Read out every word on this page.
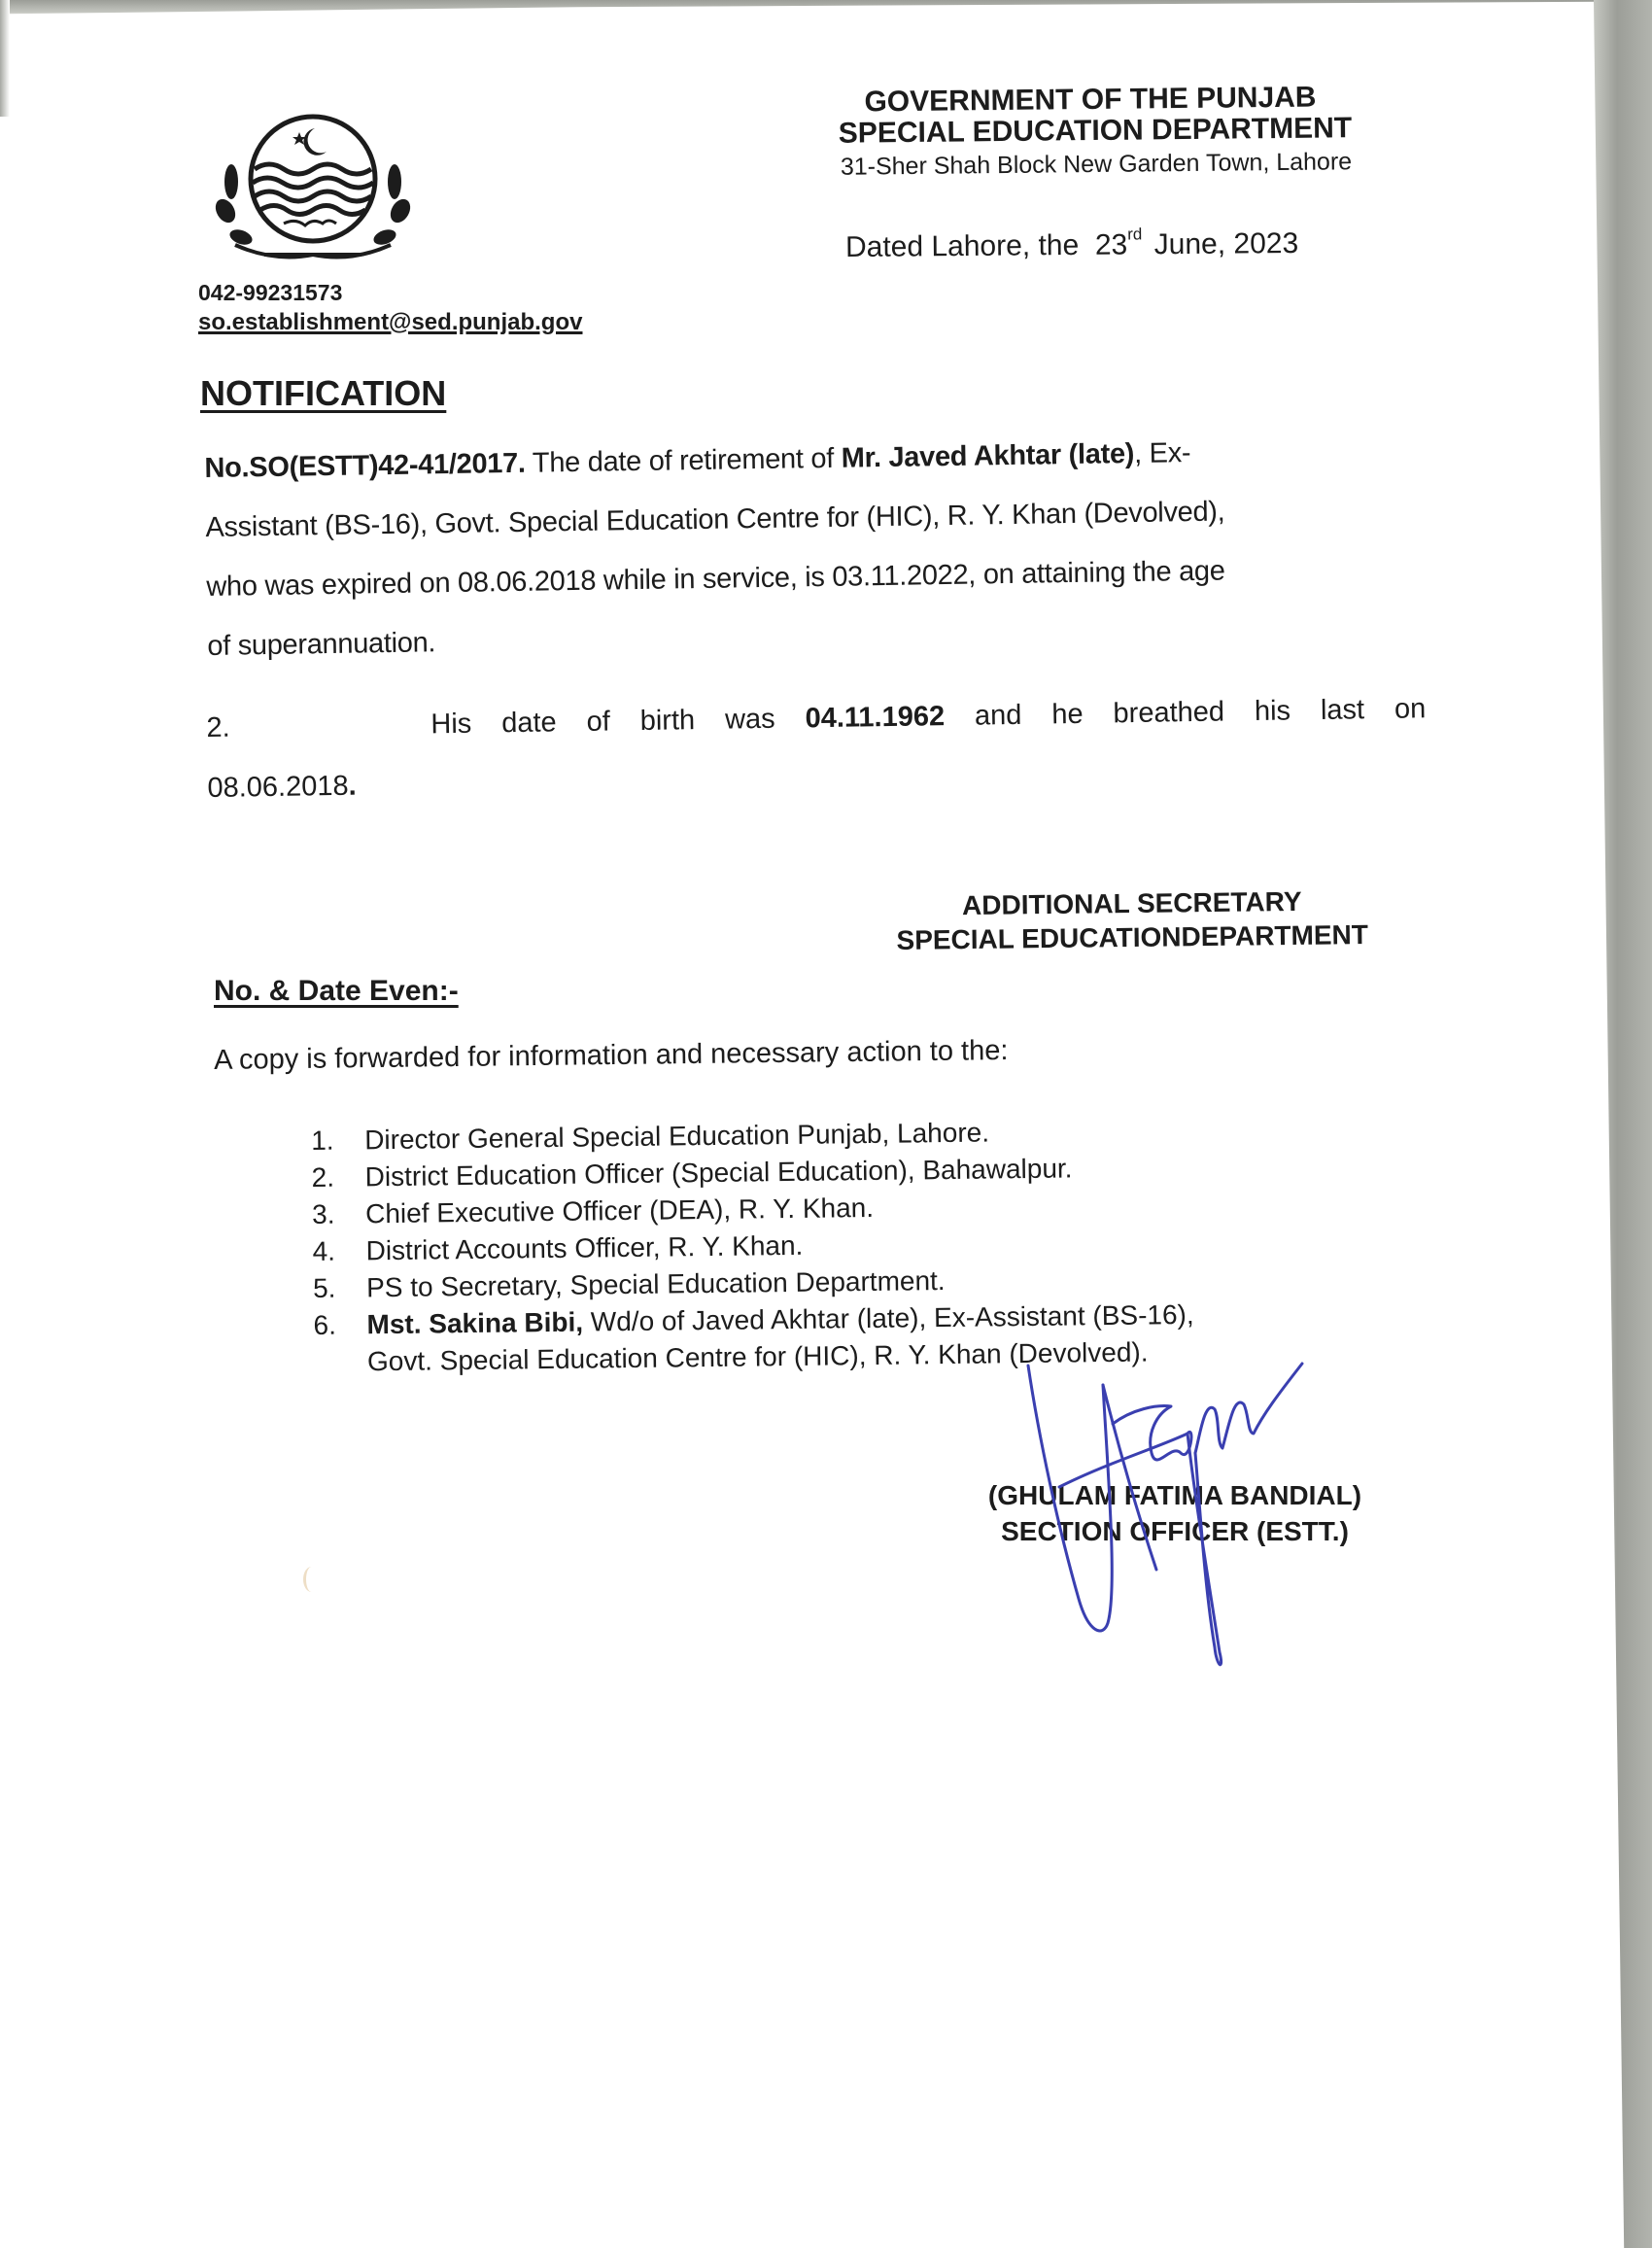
GOVERNMENT OF THE PUNJAB
SPECIAL EDUCATION DEPARTMENT
31-Sher Shah Block New Garden Town, Lahore
Dated Lahore, the 23rd June, 2023
042-99231573
so.establishment@sed.punjab.gov
NOTIFICATION
No.SO(ESTT)42-41/2017. The date of retirement of Mr. Javed Akhtar (late), Ex-
Assistant (BS-16), Govt. Special Education Centre for (HIC), R. Y. Khan (Devolved),
who was expired on 08.06.2018 while in service, is 03.11.2022, on attaining the age
of superannuation.
2.	His date of birth was 04.11.1962 and he breathed his last on
08.06.2018.
ADDITIONAL SECRETARY
SPECIAL EDUCATIONDEPARTMENT
No. & Date Even:-
A copy is forwarded for information and necessary action to the:
1.	Director General Special Education Punjab, Lahore.
2.	District Education Officer (Special Education), Bahawalpur.
3.	Chief Executive Officer (DEA), R. Y. Khan.
4.	District Accounts Officer, R. Y. Khan.
5.	PS to Secretary, Special Education Department.
6.	Mst. Sakina Bibi, Wd/o of Javed Akhtar (late), Ex-Assistant (BS-16),
Govt. Special Education Centre for (HIC), R. Y. Khan (Devolved).
(GHULAM FATIMA BANDIAL)
SECTION OFFICER (ESTT.)
